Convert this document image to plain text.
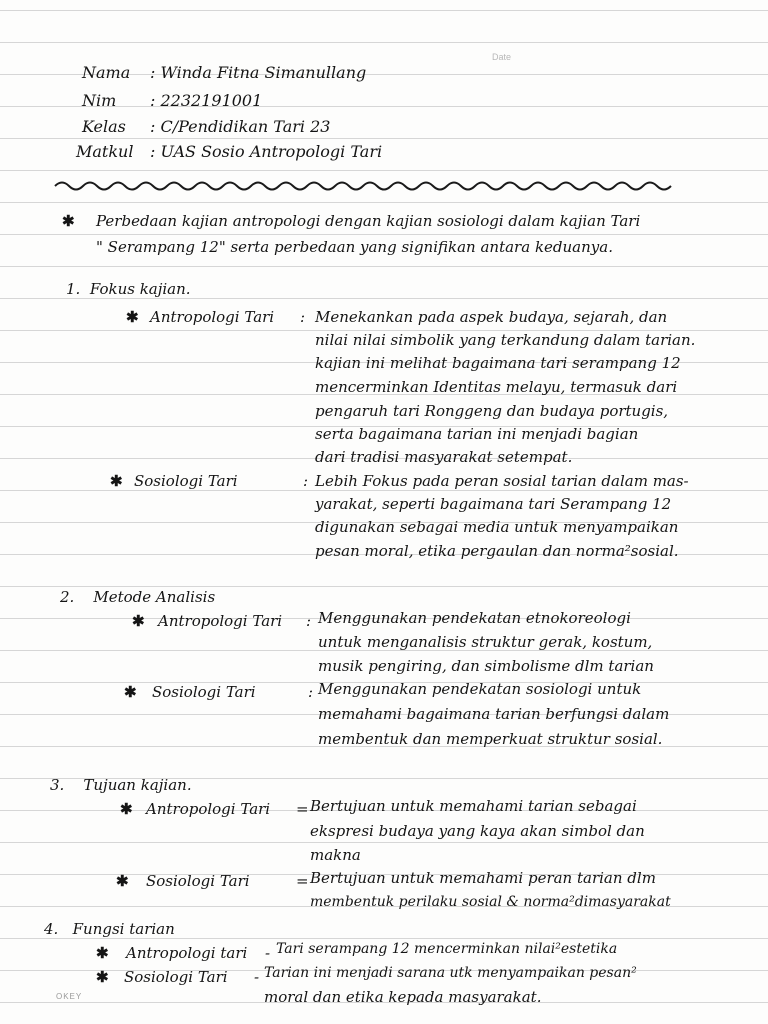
Date
Nama : Winda Fitna Simanullang
Nim : 2232191001
Kelas : C/Pendidikan Tari 23
Matkul : UAS Sosio Antropologi Tari
✱ Perbedaan kajian antropologi dengan kajian sosiologi dalam kajian Tari
" Serampang 12" serta perbedaan yang signifikan antara keduanya.
1. Fokus kajian.
✱ Antropologi Tari : Menekankan pada aspek budaya, sejarah, dan
nilai nilai simbolik yang terkandung dalam tarian.
kajian ini melihat bagaimana tari serampang 12
mencerminkan Identitas melayu, termasuk dari
pengaruh tari Ronggeng dan budaya portugis,
serta bagaimana tarian ini menjadi bagian
dari tradisi masyarakat setempat.
✱ Sosiologi Tari	: Lebih Fokus pada peran sosial tarian dalam mas-
yarakat, seperti bagaimana tari Serampang 12
digunakan sebagai media untuk menyampaikan
pesan moral, etika pergaulan dan norma²sosial.
2. Metode Analisis
✱ Antropologi Tari : Menggunakan pendekatan etnokoreologi
untuk menganalisis struktur gerak, kostum,
musik pengiring, dan simbolisme dlm tarian
✱ Sosiologi Tari	: Menggunakan pendekatan sosiologi untuk
memahami bagaimana tarian berfungsi dalam
membentuk dan memperkuat struktur sosial.
3. Tujuan kajian.
✱ Antropologi Tari = Bertujuan untuk memahami tarian sebagai
ekspresi budaya yang kaya akan simbol dan
makna
✱ Sosiologi Tari	= Bertujuan untuk memahami peran tarian dlm
membentuk perilaku sosial & norma²dimasyarakat
4. Fungsi tarian
✱ Antropologi tari - Tari serampang 12 mencerminkan nilai²estetika
✱ Sosiologi Tari - Tarian ini menjadi sarana utk menyampaikan pesan²
moral dan etika kepada masyarakat.
OKEY
